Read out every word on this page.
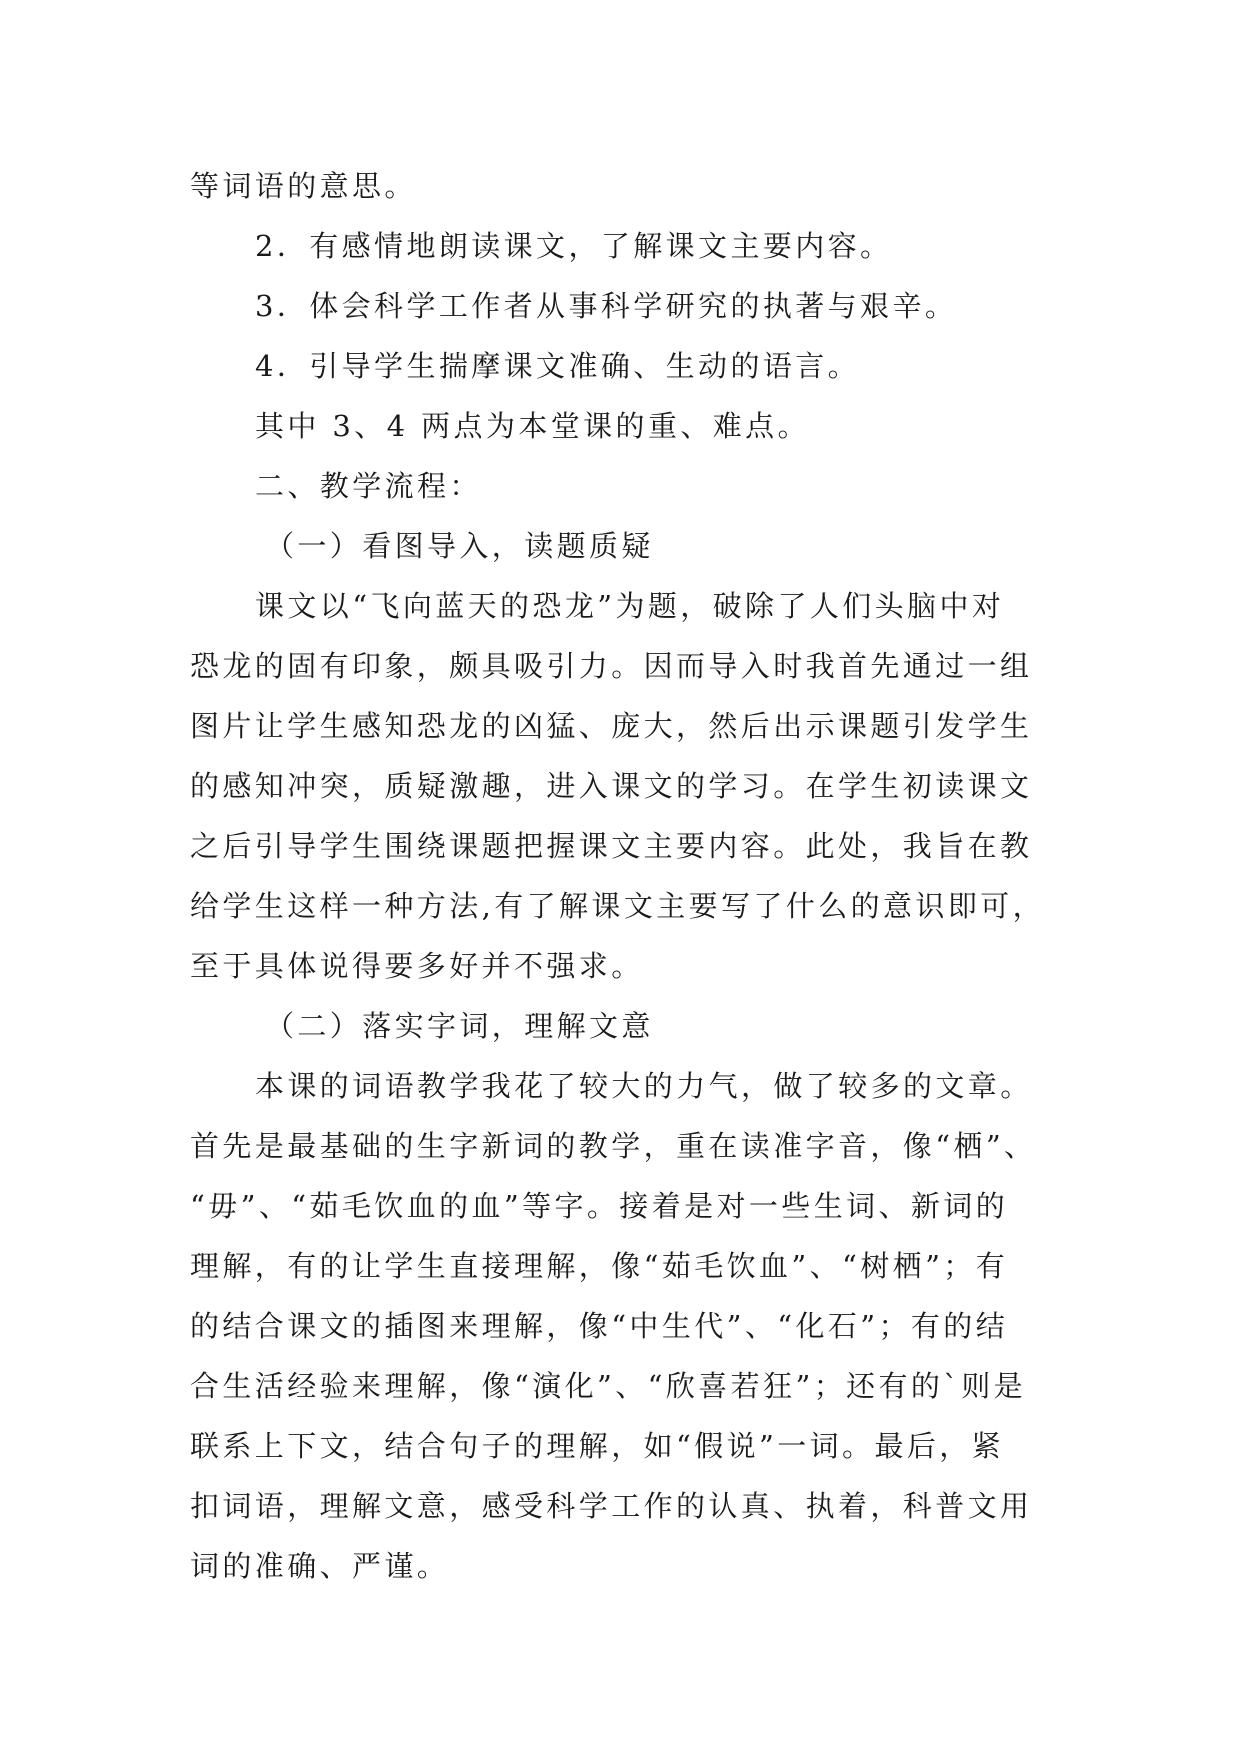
等词语的意思。
2．有感情地朗读课文，了解课文主要内容。
3．体会科学工作者从事科学研究的执著与艰辛。
4．引导学生揣摩课文准确、生动的语言。
其中 3、4 两点为本堂课的重、难点。
二、教学流程：
（一）看图导入，读题质疑
课文以“飞向蓝天的恐龙”为题，破除了人们头脑中对
恐龙的固有印象，颇具吸引力。因而导入时我首先通过一组
图片让学生感知恐龙的凶猛、庞大，然后出示课题引发学生
的感知冲突，质疑激趣，进入课文的学习。在学生初读课文
之后引导学生围绕课题把握课文主要内容。此处，我旨在教
给学生这样一种方法,有了解课文主要写了什么的意识即可，
至于具体说得要多好并不强求。
（二）落实字词，理解文意
本课的词语教学我花了较大的力气，做了较多的文章。
首先是最基础的生字新词的教学，重在读准字音，像“栖”、
“毋”、“茹毛饮血的血”等字。接着是对一些生词、新词的
理解，有的让学生直接理解，像“茹毛饮血”、“树栖”；有
的结合课文的插图来理解，像“中生代”、“化石”；有的结
合生活经验来理解，像“演化”、“欣喜若狂”；还有的`则是
联系上下文，结合句子的理解，如“假说”一词。最后，紧
扣词语，理解文意，感受科学工作的认真、执着，科普文用
词的准确、严谨。
